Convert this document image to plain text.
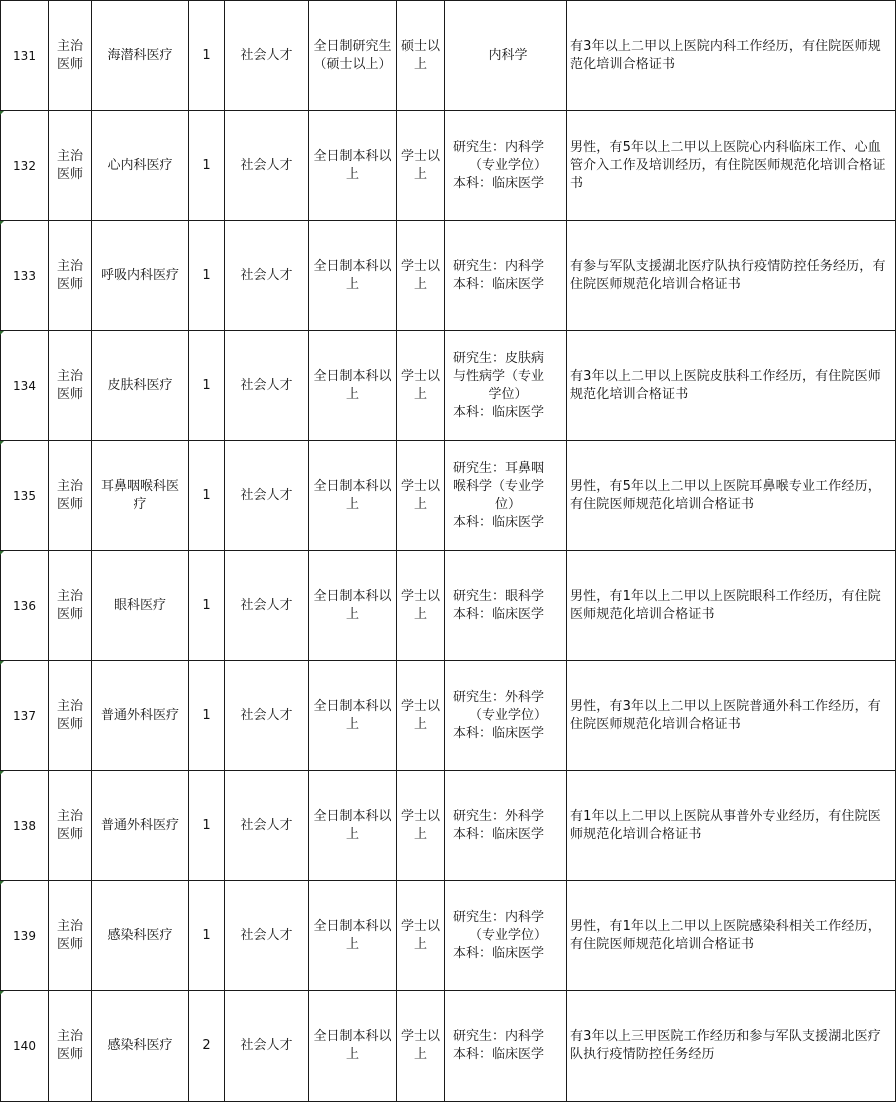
131	主治医师	海潜科医疗	1	社会人才	全日制研究生（硕士以上）	硕士以上	内科学	有3年以上二甲以上医院内科工作经历，有住院医师规范化培训合格证书
132	主治医师	心内科医疗	1	社会人才	全日制本科以上	学士以上	研究生：内科学
（专业学位）
本科：临床医学	男性，有5年以上二甲以上医院心内科临床工作、心血管介入工作及培训经历，有住院医师规范化培训合格证书
133	主治医师	呼吸内科医疗	1	社会人才	全日制本科以上	学士以上	研究生：内科学
本科：临床医学	有参与军队支援湖北医疗队执行疫情防控任务经历，有住院医师规范化培训合格证书
134	主治医师	皮肤科医疗	1	社会人才	全日制本科以上	学士以上	研究生：皮肤病
与性病学（专业
学位）
本科：临床医学	有3年以上二甲以上医院皮肤科工作经历，有住院医师规范化培训合格证书
135	主治医师	耳鼻咽喉科医疗	1	社会人才	全日制本科以上	学士以上	研究生：耳鼻咽
喉科学（专业学
位）
本科：临床医学	男性，有5年以上二甲以上医院耳鼻喉专业工作经历，有住院医师规范化培训合格证书
136	主治医师	眼科医疗	1	社会人才	全日制本科以上	学士以上	研究生：眼科学
本科：临床医学	男性，有1年以上二甲以上医院眼科工作经历，有住院医师规范化培训合格证书
137	主治医师	普通外科医疗	1	社会人才	全日制本科以上	学士以上	研究生：外科学
（专业学位）
本科：临床医学	男性，有3年以上二甲以上医院普通外科工作经历，有住院医师规范化培训合格证书
138	主治医师	普通外科医疗	1	社会人才	全日制本科以上	学士以上	研究生：外科学
本科：临床医学	有1年以上二甲以上医院从事普外专业经历，有住院医师规范化培训合格证书
139	主治医师	感染科医疗	1	社会人才	全日制本科以上	学士以上	研究生：内科学
（专业学位）
本科：临床医学	男性，有1年以上二甲以上医院感染科相关工作经历，有住院医师规范化培训合格证书
140	主治医师	感染科医疗	2	社会人才	全日制本科以上	学士以上	研究生：内科学
本科：临床医学	有3年以上三甲医院工作经历和参与军队支援湖北医疗队执行疫情防控任务经历
